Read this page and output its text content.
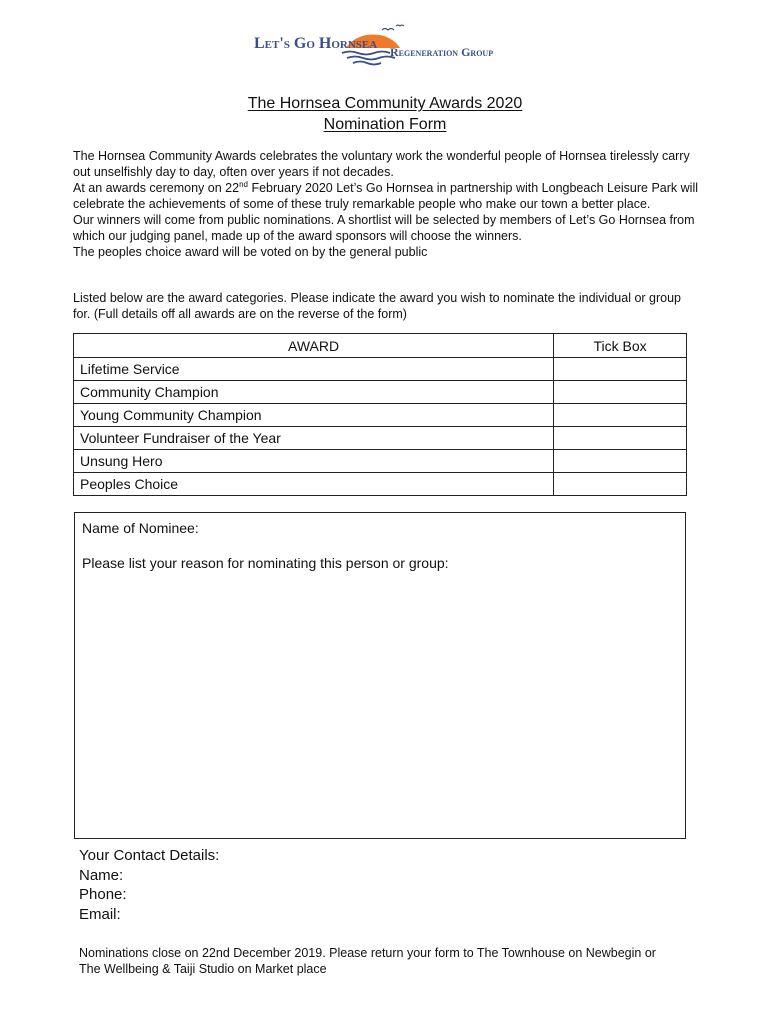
Let's Go Hornsea Regeneration Group
The Hornsea Community Awards 2020
Nomination Form

The Hornsea Community Awards celebrates the voluntary work the wonderful people of Hornsea tirelessly carry out unselfishly day to day, often over years if not decades.

At an awards ceremony on 22nd February 2020 Let’s Go Hornsea in partnership with Longbeach Leisure Park will celebrate the achievements of some of these truly remarkable people who make our town a better place.

Our winners will come from public nominations. A shortlist will be selected by members of Let’s Go Hornsea from which our judging panel, made up of the award sponsors will choose the winners.

The peoples choice award will be voted on by the general public

Listed below are the award categories. Please indicate the award you wish to nominate the individual or group for. (Full details off all awards are on the reverse of the form)
AWARD	Tick Box
Lifetime Service	
Community Champion	
Young Community Champion	
Volunteer Fundraiser of the Year	
Unsung Hero	
Peoples Choice	
Name of Nominee:
Please list your reason for nominating this person or group:
Your Contact Details:
Name:
Phone:
Email:
Nominations close on 22nd December 2019. Please return your form to The Townhouse on Newbegin or The Wellbeing & Taiji Studio on Market place
